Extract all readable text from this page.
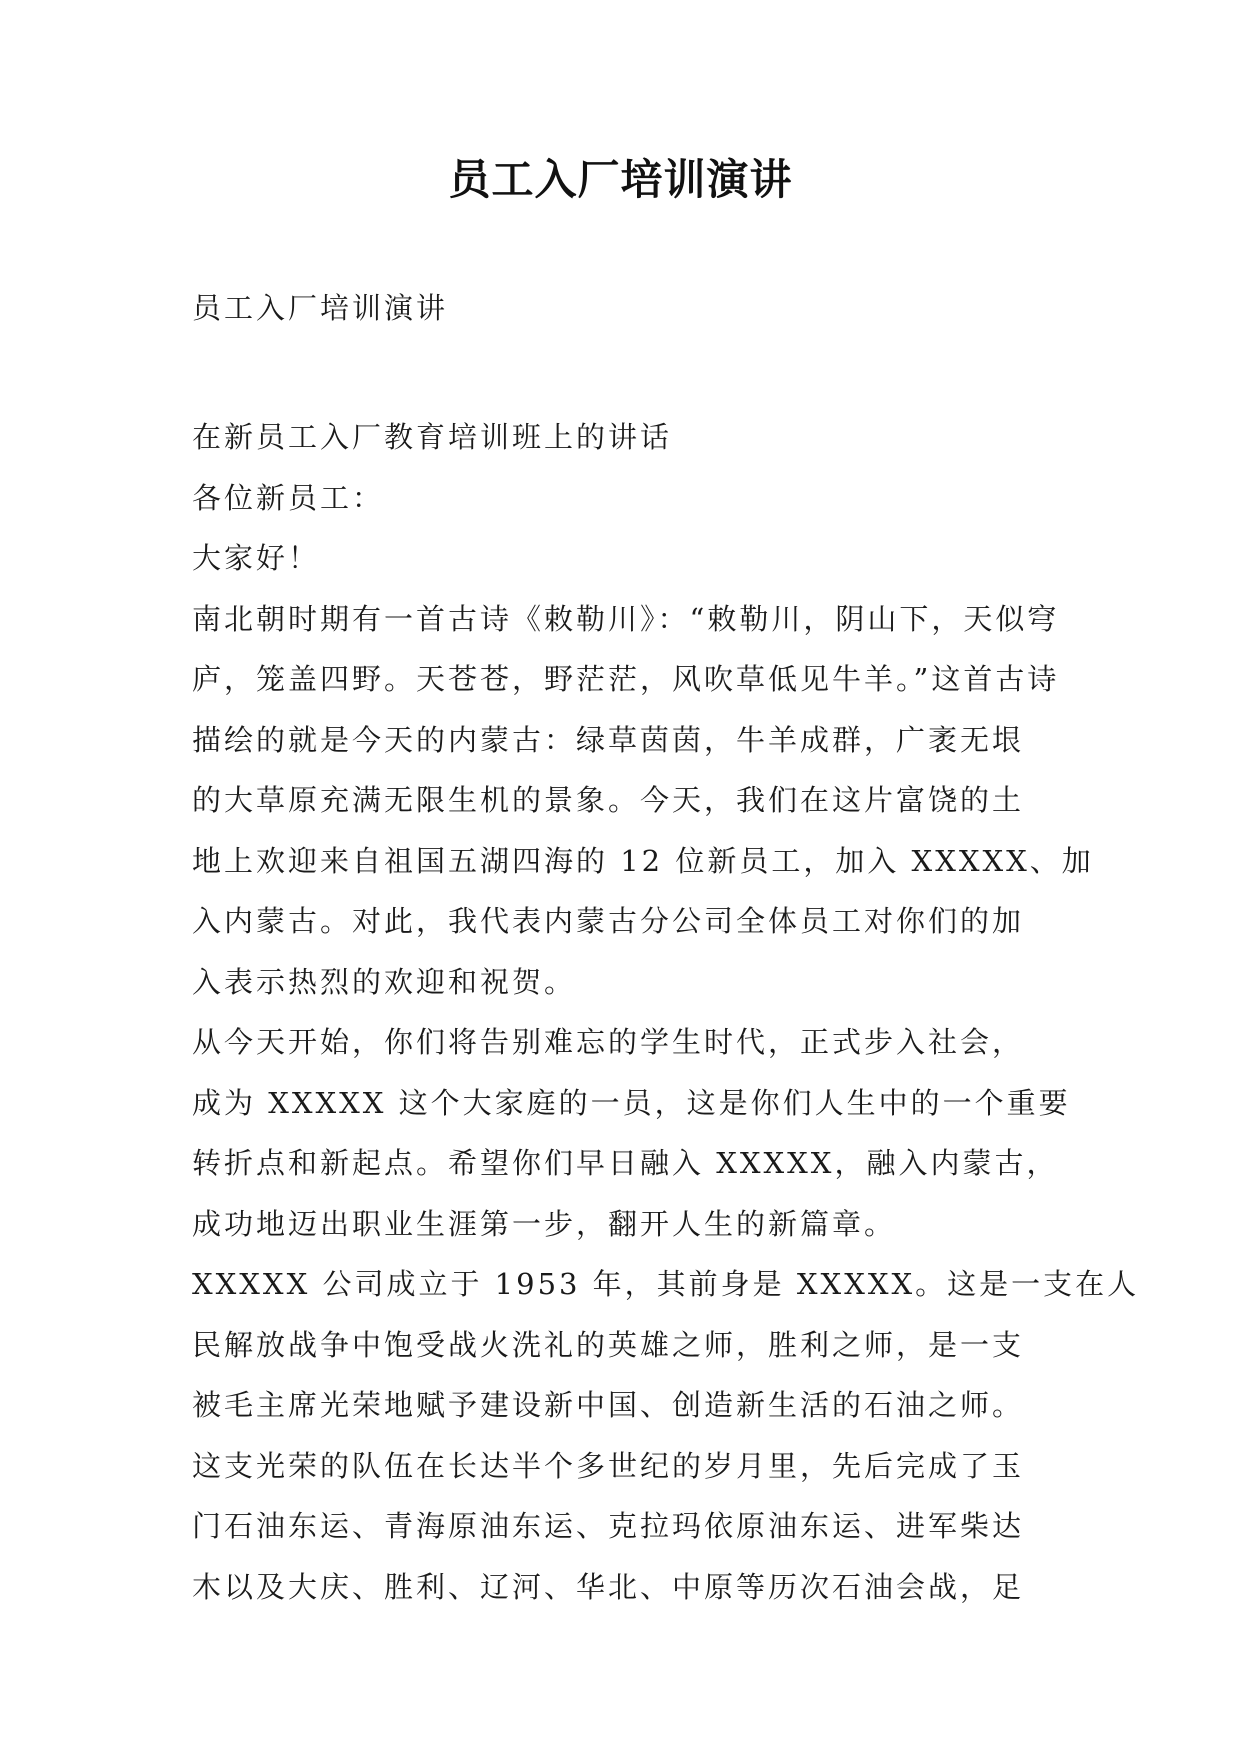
员工入厂培训演讲
员工入厂培训演讲
在新员工入厂教育培训班上的讲话
各位新员工：
大家好！
南北朝时期有一首古诗《敕勒川》：“敕勒川，阴山下，天似穹
庐，笼盖四野。天苍苍，野茫茫，风吹草低见牛羊。”这首古诗
描绘的就是今天的内蒙古：绿草茵茵，牛羊成群，广袤无垠
的大草原充满无限生机的景象。今天，我们在这片富饶的土
地上欢迎来自祖国五湖四海的 12 位新员工，加入 XXXXX、加
入内蒙古。对此，我代表内蒙古分公司全体员工对你们的加
入表示热烈的欢迎和祝贺。
从今天开始，你们将告别难忘的学生时代，正式步入社会，
成为 XXXXX 这个大家庭的一员，这是你们人生中的一个重要
转折点和新起点。希望你们早日融入 XXXXX，融入内蒙古，
成功地迈出职业生涯第一步，翻开人生的新篇章。
XXXXX 公司成立于 1953 年，其前身是 XXXXX。这是一支在人
民解放战争中饱受战火洗礼的英雄之师，胜利之师，是一支
被毛主席光荣地赋予建设新中国、创造新生活的石油之师。
这支光荣的队伍在长达半个多世纪的岁月里，先后完成了玉
门石油东运、青海原油东运、克拉玛依原油东运、进军柴达
木以及大庆、胜利、辽河、华北、中原等历次石油会战，足
